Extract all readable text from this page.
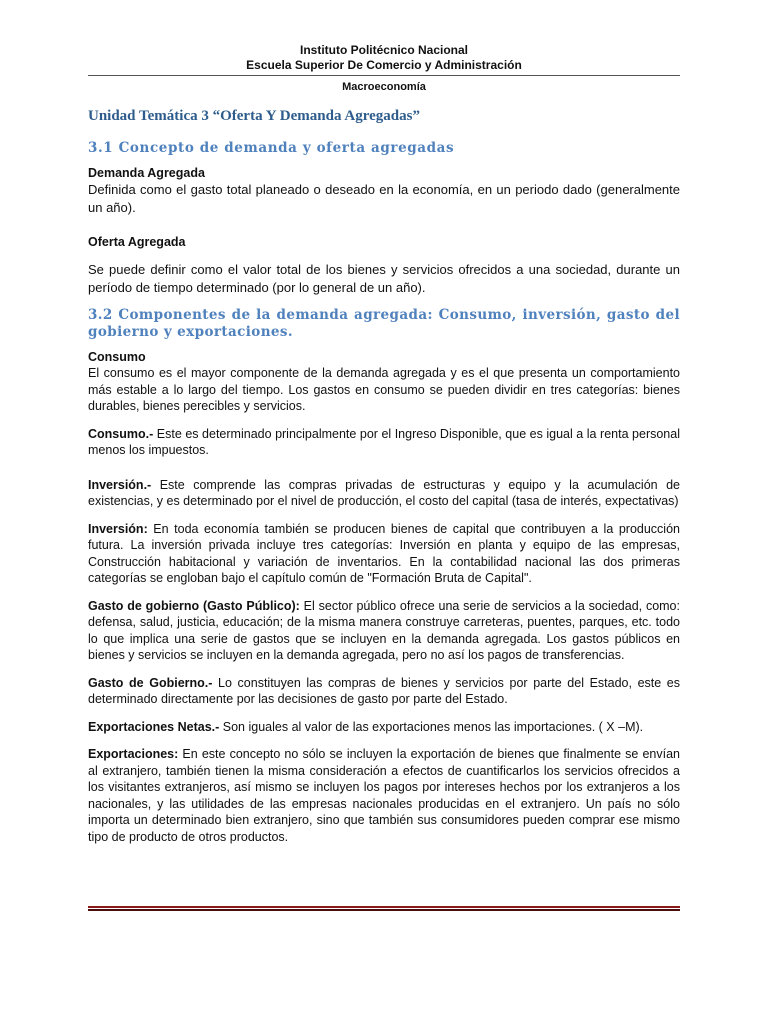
Instituto Politécnico Nacional
Escuela Superior De Comercio y Administración
Macroeconomía
Unidad Temática 3 “Oferta Y Demanda Agregadas”
3.1 Concepto de demanda y oferta agregadas
Demanda Agregada

Definida como el gasto total planeado o deseado en la economía, en un periodo dado (generalmente un año).

Oferta Agregada

Se puede definir como el valor total de los bienes y servicios ofrecidos a una sociedad, durante un período de tiempo determinado (por lo general de un año).

3.2 Componentes de la demanda agregada: Consumo, inversión, gasto del gobierno y exportaciones.
Consumo

El consumo es el mayor componente de la demanda agregada y es el que presenta un comportamiento más estable a lo largo del tiempo. Los gastos en consumo se pueden dividir en tres categorías: bienes durables, bienes perecibles y servicios.

Consumo.- Este es determinado principalmente por el Ingreso Disponible, que es igual a la renta personal menos los impuestos.

Inversión.- Este comprende las compras privadas de estructuras y equipo y la acumulación de existencias, y es determinado por el nivel de producción, el costo del capital (tasa de interés, expectativas)

Inversión: En toda economía también se producen bienes de capital que contribuyen a la producción futura. La inversión privada incluye tres categorías: Inversión en planta y equipo de las empresas, Construcción habitacional y variación de inventarios. En la contabilidad nacional las dos primeras categorías se engloban bajo el capítulo común de "Formación Bruta de Capital".

Gasto de gobierno (Gasto Público): El sector público ofrece una serie de servicios a la sociedad, como: defensa, salud, justicia, educación; de la misma manera construye carreteras, puentes, parques, etc. todo lo que implica una serie de gastos que se incluyen en la demanda agregada. Los gastos públicos en bienes y servicios se incluyen en la demanda agregada, pero no así los pagos de transferencias.

Gasto de Gobierno.- Lo constituyen las compras de bienes y servicios por parte del Estado, este es determinado directamente por las decisiones de gasto por parte del Estado.

Exportaciones Netas.- Son iguales al valor de las exportaciones menos las importaciones. ( X –M).

Exportaciones: En este concepto no sólo se incluyen la exportación de bienes que finalmente se envían al extranjero, también tienen la misma consideración a efectos de cuantificarlos los servicios ofrecidos a los visitantes extranjeros, así mismo se incluyen los pagos por intereses hechos por los extranjeros a los nacionales, y las utilidades de las empresas nacionales producidas en el extranjero. Un país no sólo importa un determinado bien extranjero, sino que también sus consumidores pueden comprar ese mismo tipo de producto de otros productos.
